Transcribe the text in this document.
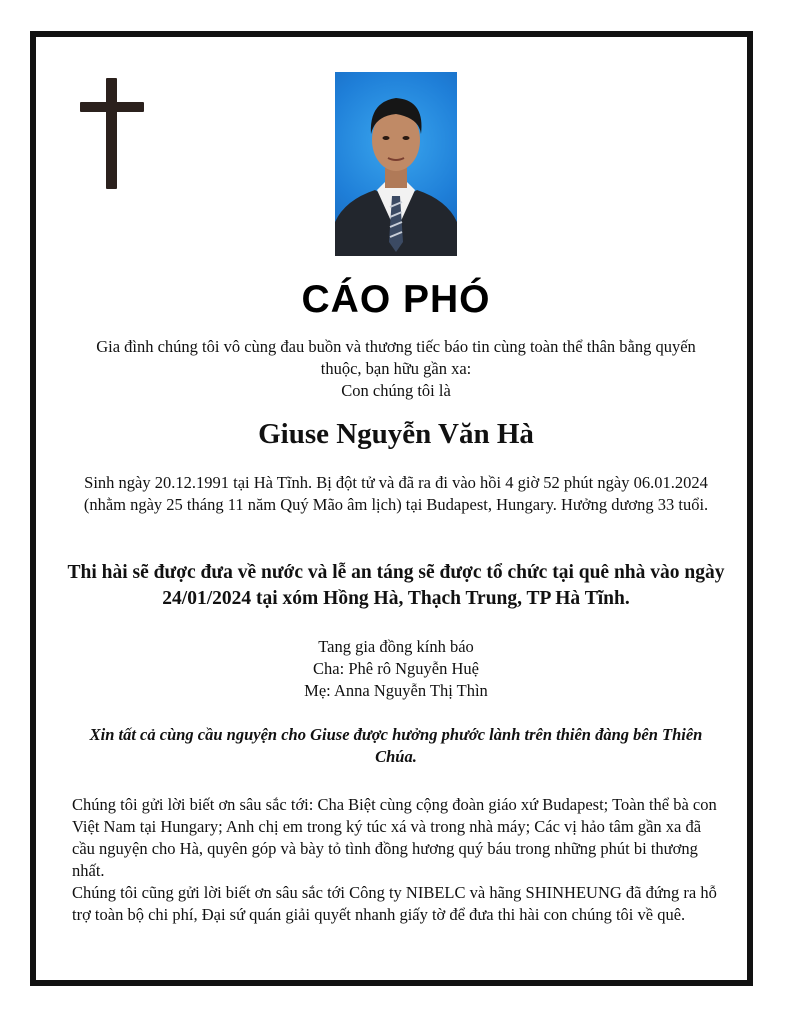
CÁO PHÓ
Gia đình chúng tôi vô cùng đau buồn và thương tiếc báo tin cùng toàn thể thân bằng quyến thuộc, bạn hữu gần xa:
Con chúng tôi là
Giuse Nguyễn Văn Hà
Sinh ngày 20.12.1991 tại Hà Tĩnh. Bị đột tử và đã ra đi vào hồi 4 giờ 52 phút ngày 06.01.2024 (nhằm ngày 25 tháng 11 năm Quý Mão âm lịch) tại Budapest, Hungary. Hưởng dương 33 tuổi.
Thi hài sẽ được đưa về nước và lễ an táng sẽ được tổ chức tại quê nhà vào ngày 24/01/2024 tại xóm Hồng Hà, Thạch Trung, TP Hà Tĩnh.
Tang gia đồng kính báo
Cha: Phê rô Nguyễn Huệ
Mẹ: Anna Nguyễn Thị Thìn
Xin tất cả cùng cầu nguyện cho Giuse được hưởng phước lành trên thiên đàng bên Thiên Chúa.

Chúng tôi gửi lời biết ơn sâu sắc tới: Cha Biệt cùng cộng đoàn giáo xứ Budapest; Toàn thể bà con Việt Nam tại Hungary; Anh chị em trong ký túc xá và trong nhà máy; Các vị hảo tâm gần xa đã cầu nguyện cho Hà, quyên góp và bày tỏ tình đồng hương quý báu trong những phút bi thương nhất.

Chúng tôi cũng gửi lời biết ơn sâu sắc tới Công ty NIBELC và hãng SHINHEUNG đã đứng ra hỗ trợ toàn bộ chi phí, Đại sứ quán giải quyết nhanh giấy tờ để đưa thi hài con chúng tôi về quê.
